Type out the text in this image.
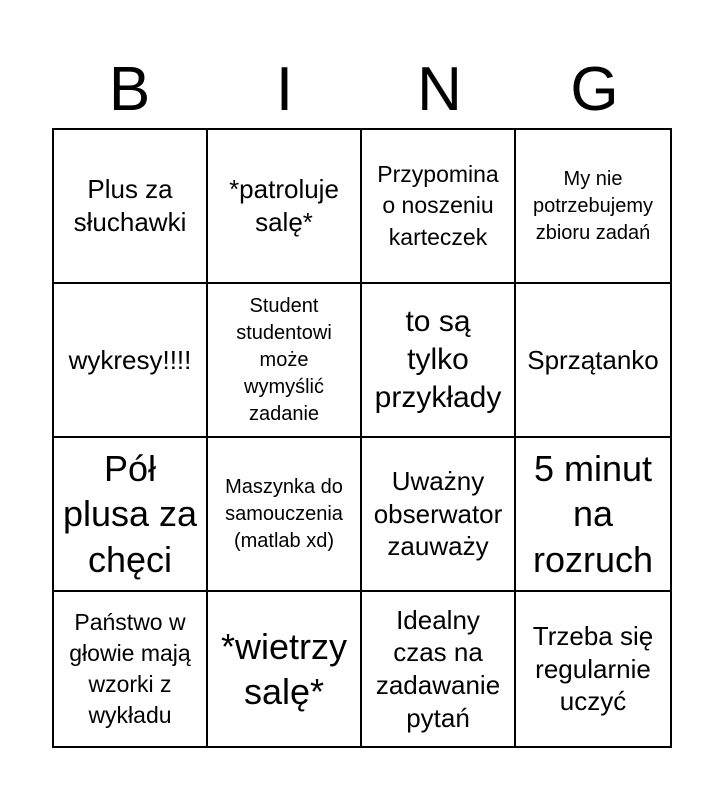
B	I	N	G
Plus za
słuchawki
*patroluje
salę*
Przypomina
o noszeniu
karteczek
My nie
potrzebujemy
zbioru zadań
wykresy!!!!
Student
studentowi
może
wymyślić
zadanie
to są
tylko
przykłady
Sprzątanko
Pół
plusa za
chęci
Maszynka do
samouczenia
(matlab xd)
Uważny
obserwator
zauważy
5 minut
na
rozruch
Państwo w
głowie mają
wzorki z
wykładu
*wietrzy
salę*
Idealny
czas na
zadawanie
pytań
Trzeba się
regularnie
uczyć
